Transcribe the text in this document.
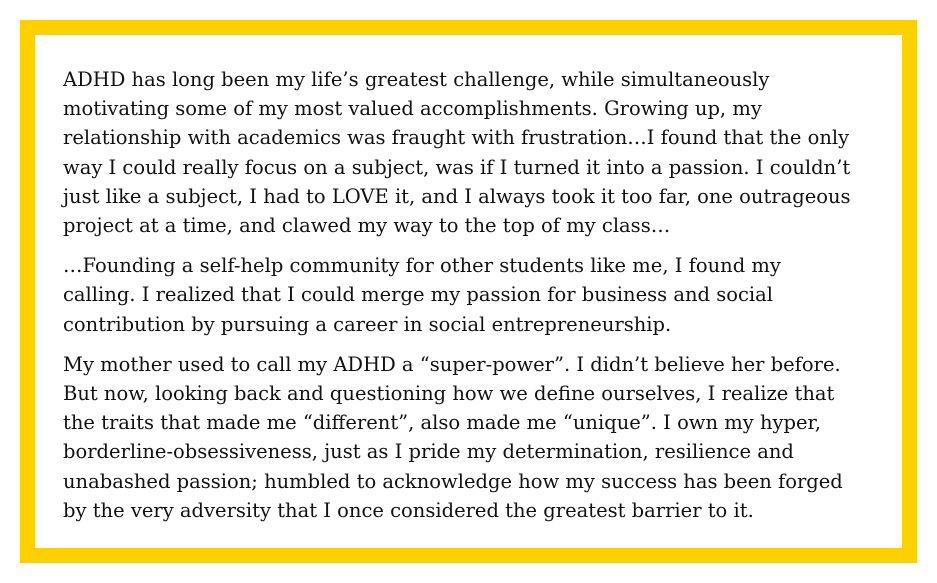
ADHD has long been my life’s greatest challenge, while simultaneously
motivating some of my most valued accomplishments. Growing up, my
relationship with academics was fraught with frustration…I found that the only
way I could really focus on a subject, was if I turned it into a passion. I couldn’t
just like a subject, I had to LOVE it, and I always took it too far, one outrageous
project at a time, and clawed my way to the top of my class…

…Founding a self-help community for other students like me, I found my
calling. I realized that I could merge my passion for business and social
contribution by pursuing a career in social entrepreneurship.

My mother used to call my ADHD a “super-power”. I didn’t believe her before.
But now, looking back and questioning how we define ourselves, I realize that
the traits that made me “different”, also made me “unique”. I own my hyper,
borderline-obsessiveness, just as I pride my determination, resilience and
unabashed passion; humbled to acknowledge how my success has been forged
by the very adversity that I once considered the greatest barrier to it.
